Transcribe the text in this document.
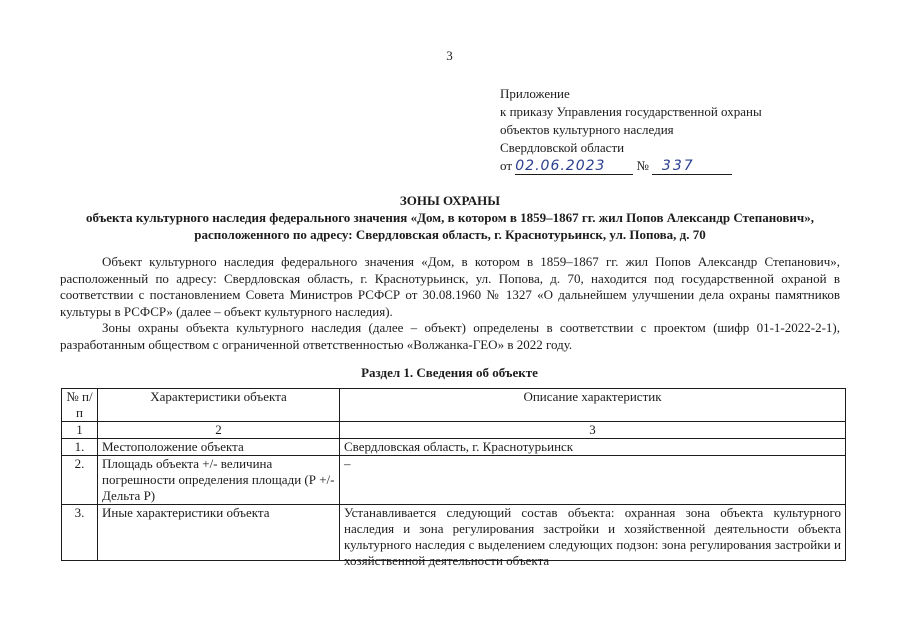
3
Приложение
к приказу Управления государственной охраны
объектов культурного наследия
Свердловской области
от 02.06.2023 № 337
ЗОНЫ ОХРАНЫ
объекта культурного наследия федерального значения «Дом, в котором в 1859–1867 гг. жил Попов Александр Степанович», расположенного по адресу: Свердловская область, г. Краснотурьинск, ул. Попова, д. 70

Объект культурного наследия федерального значения «Дом, в котором в 1859–1867 гг. жил Попов Александр Степанович», расположенный по адресу: Свердловская область, г. Краснотурьинск, ул. Попова, д. 70, находится под государственной охраной в соответствии с постановлением Совета Министров РСФСР от 30.08.1960 № 1327 «О дальнейшем улучшении дела охраны памятников культуры в РСФСР» (далее – объект культурного наследия).

Зоны охраны объекта культурного наследия (далее – объект) определены в соответствии с проектом (шифр 01-1-2022-2-1), разработанным обществом с ограниченной ответственностью «Волжанка-ГЕО» в 2022 году.

Раздел 1. Сведения об объекте
№ п/п	Характеристики объекта	Описание характеристик
1	2	3
1.	Местоположение объекта	Свердловская область, г. Краснотурьинск
2.	Площадь объекта +/- величина погрешности определения площади (Р +/- Дельта Р)	–
3.	Иные характеристики объекта	Устанавливается следующий состав объекта: охранная зона объекта культурного наследия и зона регулирования застройки и хозяйственной деятельности объекта культурного наследия с выделением следующих подзон: зона регулирования застройки и хозяйственной деятельности объекта
